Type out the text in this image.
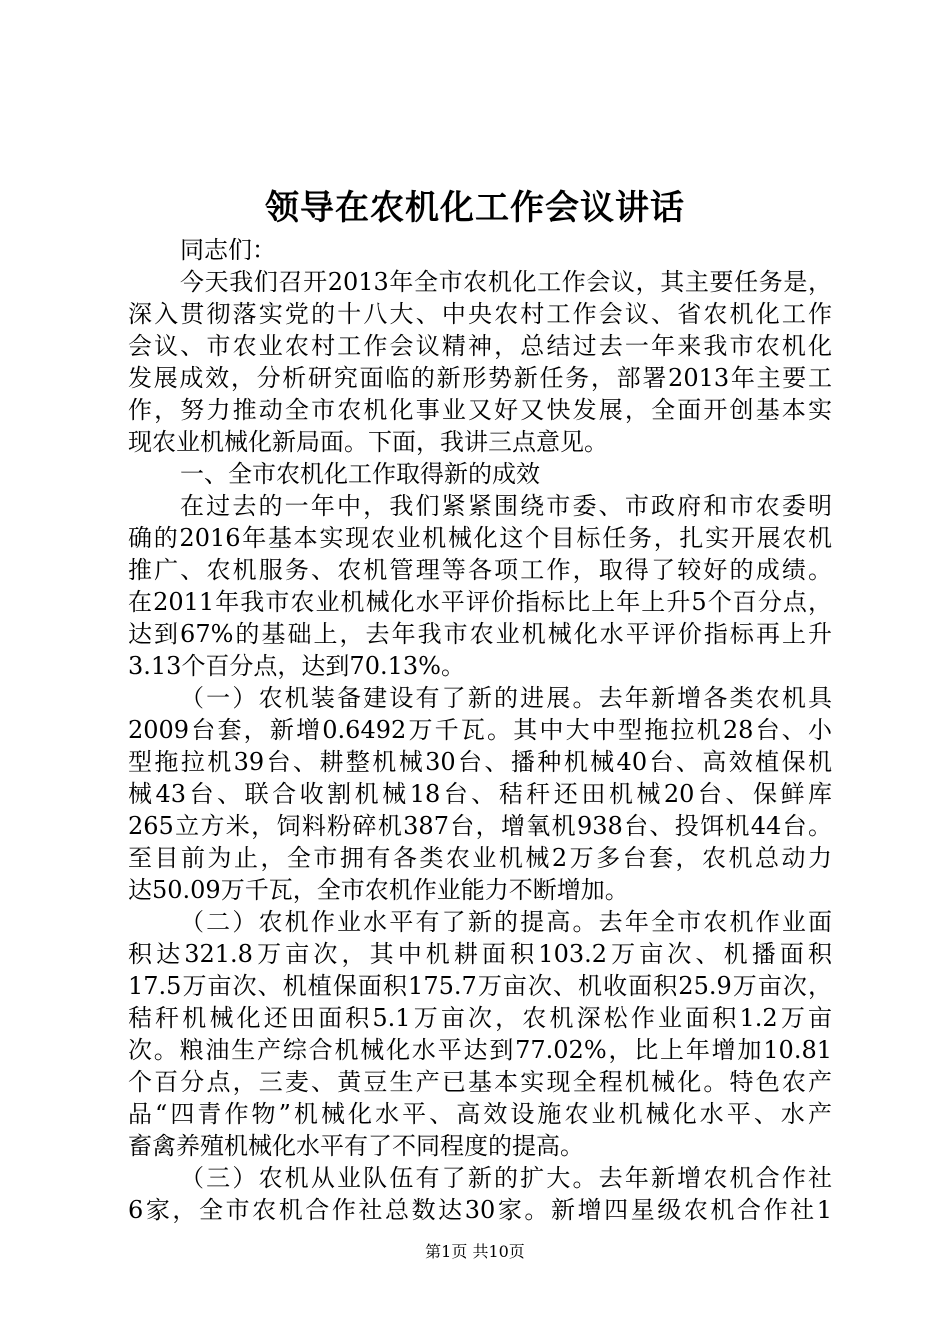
领导在农机化工作会议讲话
同志们：
今天我们召开2013年全市农机化工作会议，其主要任务是，
深入贯彻落实党的十八大、中央农村工作会议、省农机化工作
会议、市农业农村工作会议精神，总结过去一年来我市农机化
发展成效，分析研究面临的新形势新任务，部署2013年主要工
作，努力推动全市农机化事业又好又快发展，全面开创基本实
现农业机械化新局面。下面，我讲三点意见。
一、全市农机化工作取得新的成效
在过去的一年中，我们紧紧围绕市委、市政府和市农委明
确的2016年基本实现农业机械化这个目标任务，扎实开展农机
推广、农机服务、农机管理等各项工作，取得了较好的成绩。
在2011年我市农业机械化水平评价指标比上年上升5个百分点，
达到67%的基础上，去年我市农业机械化水平评价指标再上升
3.13个百分点，达到70.13%。
（一）农机装备建设有了新的进展。去年新增各类农机具
2009台套，新增0.6492万千瓦。其中大中型拖拉机28台、小
型拖拉机39台、耕整机械30台、播种机械40台、高效植保机
械43台、联合收割机械18台、秸秆还田机械20台、保鲜库
265立方米，饲料粉碎机387台，增氧机938台、投饵机44台。
至目前为止，全市拥有各类农业机械2万多台套，农机总动力
达50.09万千瓦，全市农机作业能力不断增加。
（二）农机作业水平有了新的提高。去年全市农机作业面
积达321.8万亩次，其中机耕面积103.2万亩次、机播面积
17.5万亩次、机植保面积175.7万亩次、机收面积25.9万亩次，
秸秆机械化还田面积5.1万亩次，农机深松作业面积1.2万亩
次。粮油生产综合机械化水平达到77.02%，比上年增加10.81
个百分点，三麦、黄豆生产已基本实现全程机械化。特色农产
品“四青作物”机械化水平、高效设施农业机械化水平、水产
畜禽养殖机械化水平有了不同程度的提高。
（三）农机从业队伍有了新的扩大。去年新增农机合作社
6家，全市农机合作社总数达30家。新增四星级农机合作社1
第1页 共10页
